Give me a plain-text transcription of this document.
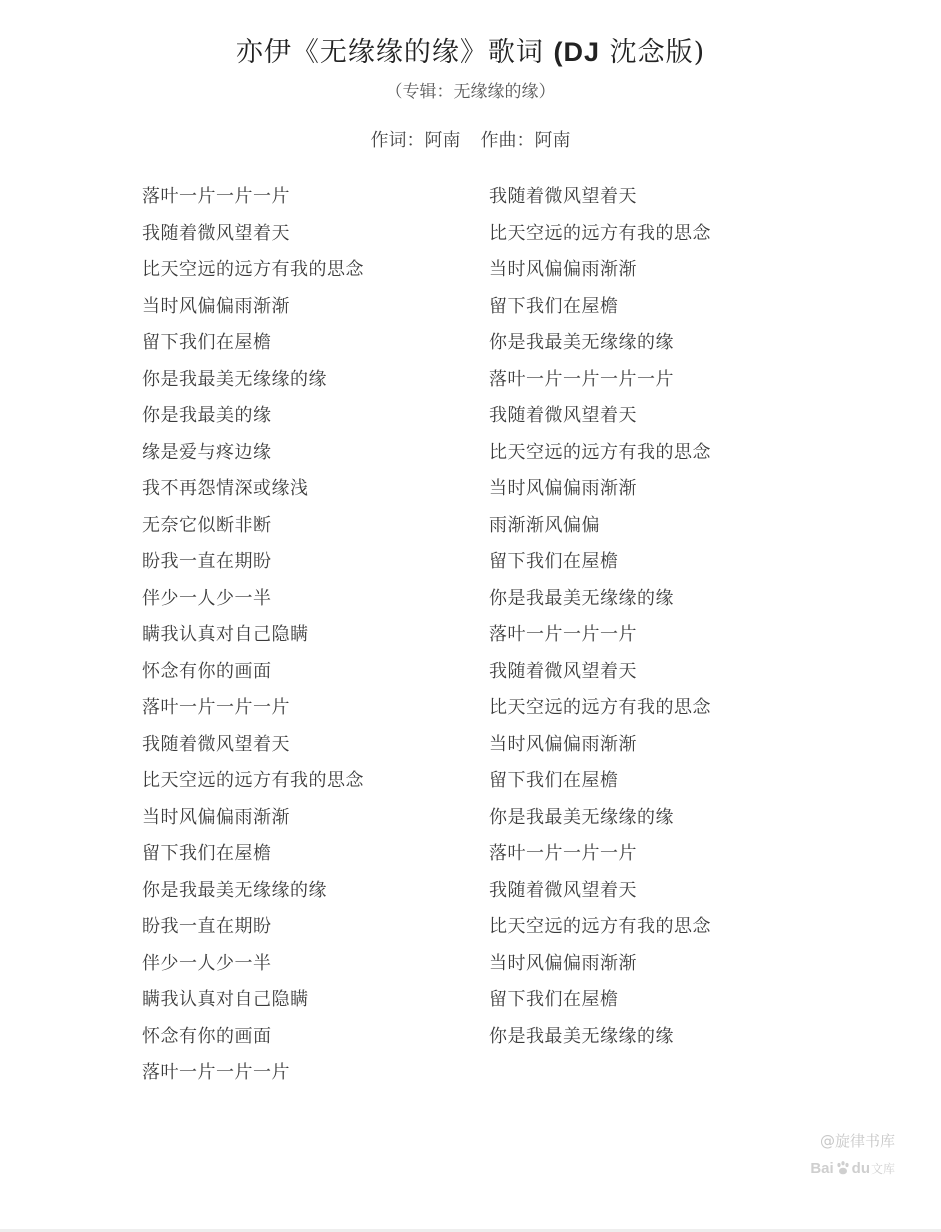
亦伊《无缘缘的缘》歌词 (DJ 沈念版)
（专辑：无缘缘的缘）
作词：阿南 作曲：阿南
落叶一片一片一片
我随着微风望着天
比天空远的远方有我的思念
当时风偏偏雨渐渐
留下我们在屋檐
你是我最美无缘缘的缘
你是我最美的缘
缘是爱与疼边缘
我不再怨情深或缘浅
无奈它似断非断
盼我一直在期盼
伴少一人少一半
瞒我认真对自己隐瞒
怀念有你的画面
落叶一片一片一片
我随着微风望着天
比天空远的远方有我的思念
当时风偏偏雨渐渐
留下我们在屋檐
你是我最美无缘缘的缘
盼我一直在期盼
伴少一人少一半
瞒我认真对自己隐瞒
怀念有你的画面
落叶一片一片一片
我随着微风望着天
比天空远的远方有我的思念
当时风偏偏雨渐渐
留下我们在屋檐
你是我最美无缘缘的缘
落叶一片一片一片一片
我随着微风望着天
比天空远的远方有我的思念
当时风偏偏雨渐渐
雨渐渐风偏偏
留下我们在屋檐
你是我最美无缘缘的缘
落叶一片一片一片
我随着微风望着天
比天空远的远方有我的思念
当时风偏偏雨渐渐
留下我们在屋檐
你是我最美无缘缘的缘
落叶一片一片一片
我随着微风望着天
比天空远的远方有我的思念
当时风偏偏雨渐渐
留下我们在屋檐
你是我最美无缘缘的缘
@旋律书库
Bai du 文库
